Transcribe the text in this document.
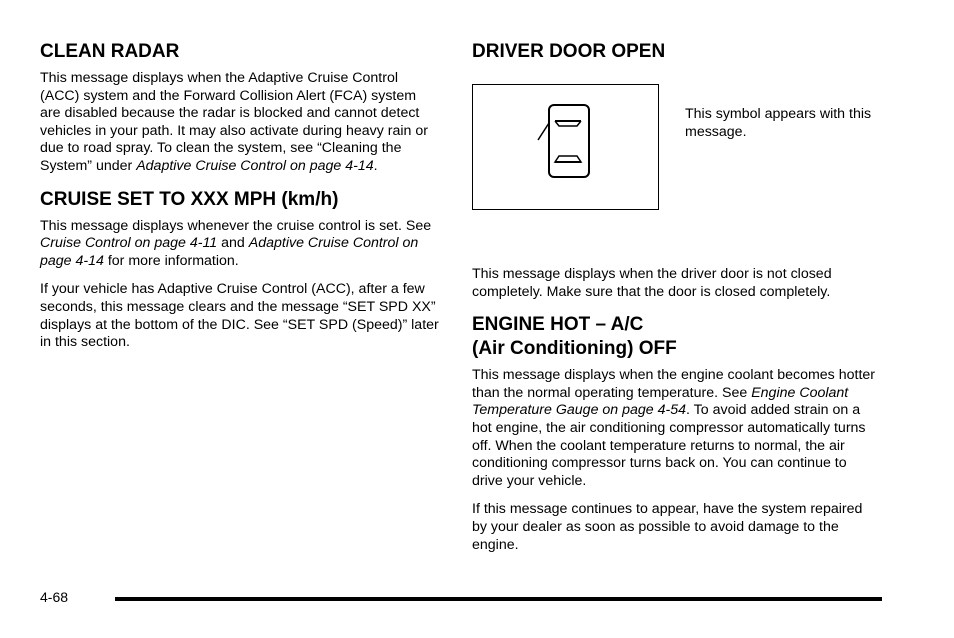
CLEAN RADAR

This message displays when the Adaptive Cruise Control (ACC) system and the Forward Collision Alert (FCA) system are disabled because the radar is blocked and cannot detect vehicles in your path. It may also activate during heavy rain or due to road spray. To clean the system, see “Cleaning the System” under Adaptive Cruise Control on page 4-14.

CRUISE SET TO XXX MPH (km/h)

This message displays whenever the cruise control is set. See Cruise Control on page 4-11 and Adaptive Cruise Control on page 4-14 for more information.

If your vehicle has Adaptive Cruise Control (ACC), after a few seconds, this message clears and the message “SET SPD XX” displays at the bottom of the DIC. See “SET SPD (Speed)” later in this section.

DRIVER DOOR OPEN
This symbol appears with this message.

This message displays when the driver door is not closed completely. Make sure that the door is closed completely.

ENGINE HOT – A/C
(Air Conditioning) OFF

This message displays when the engine coolant becomes hotter than the normal operating temperature. See Engine Coolant Temperature Gauge on page 4-54. To avoid added strain on a hot engine, the air conditioning compressor automatically turns off. When the coolant temperature returns to normal, the air conditioning compressor turns back on. You can continue to drive your vehicle.

If this message continues to appear, have the system repaired by your dealer as soon as possible to avoid damage to the engine.

4-68
